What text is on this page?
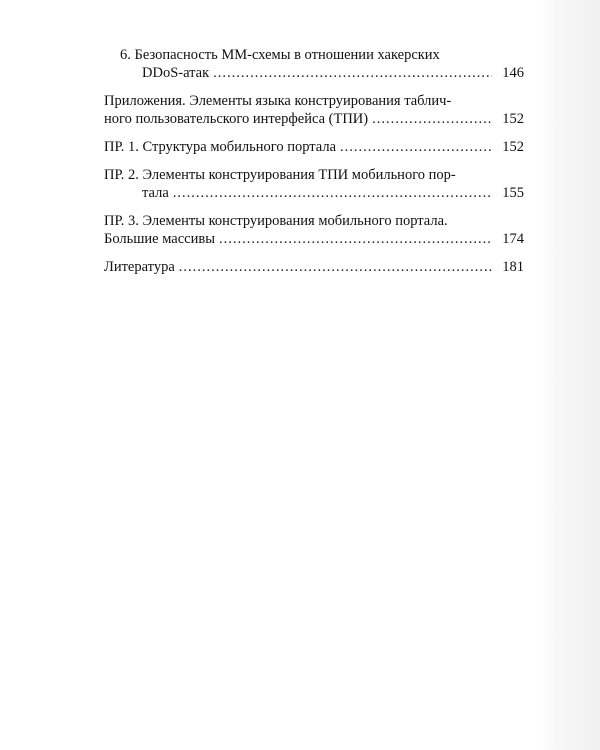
6. Безопасность ММ-схемы в отношении хакерских
DDoS-атак .....	146
Приложения. Элементы языка конструирования таблич-
ного пользовательского интерфейса (ТПИ) .....	152
ПР. 1. Структура мобильного портала .....	152
ПР. 2. Элементы конструирования ТПИ мобильного пор-
тала .....	155
ПР. 3. Элементы конструирования мобильного портала.
Большие массивы .....	174
Литература .....	181
